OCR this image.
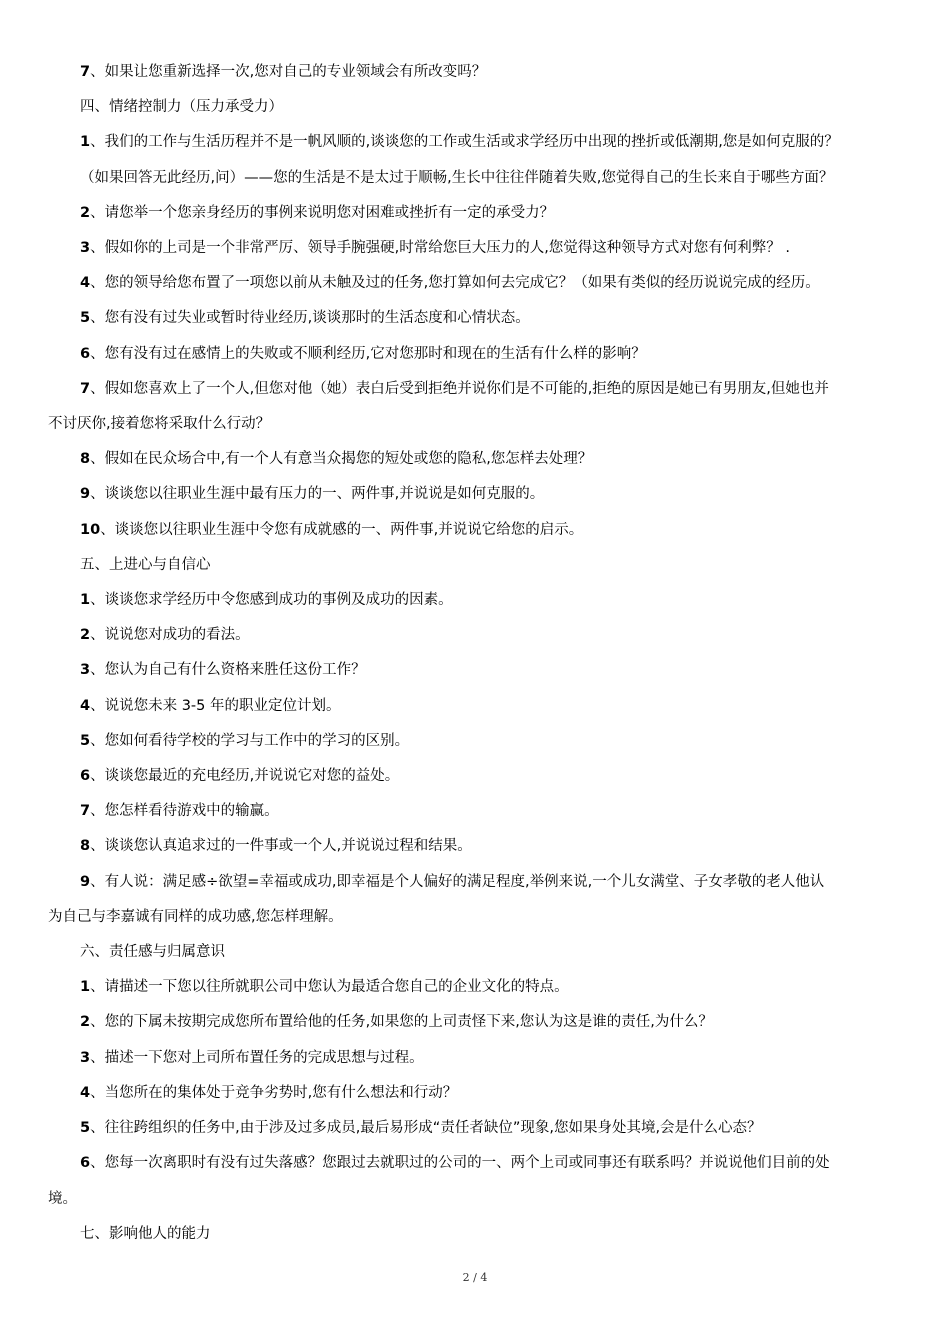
7、如果让您重新选择一次,您对自己的专业领域会有所改变吗？
四、情绪控制力（压力承受力）
1、我们的工作与生活历程并不是一帆风顺的,谈谈您的工作或生活或求学经历中出现的挫折或低潮期,您是如何克服的？
（如果回答无此经历,问）——您的生活是不是太过于顺畅,生长中往往伴随着失败,您觉得自己的生长来自于哪些方面？
2、请您举一个您亲身经历的事例来说明您对困难或挫折有一定的承受力？
3、假如你的上司是一个非常严厉、领导手腕强硬,时常给您巨大压力的人,您觉得这种领导方式对您有何利弊？ .
4、您的领导给您布置了一项您以前从未触及过的任务,您打算如何去完成它？（如果有类似的经历说说完成的经历。
5、您有没有过失业或暂时待业经历,谈谈那时的生活态度和心情状态。
6、您有没有过在感情上的失败或不顺利经历,它对您那时和现在的生活有什么样的影响？
7、假如您喜欢上了一个人,但您对他（她）表白后受到拒绝并说你们是不可能的,拒绝的原因是她已有男朋友,但她也并
不讨厌你,接着您将采取什么行动？
8、假如在民众场合中,有一个人有意当众揭您的短处或您的隐私,您怎样去处理？
9、谈谈您以往职业生涯中最有压力的一、两件事,并说说是如何克服的。
10、谈谈您以往职业生涯中令您有成就感的一、两件事,并说说它给您的启示。
五、上进心与自信心
1、谈谈您求学经历中令您感到成功的事例及成功的因素。
2、说说您对成功的看法。
3、您认为自己有什么资格来胜任这份工作？
4、说说您未来 3-5 年的职业定位计划。
5、您如何看待学校的学习与工作中的学习的区别。
6、谈谈您最近的充电经历,并说说它对您的益处。
7、您怎样看待游戏中的输赢。
8、谈谈您认真追求过的一件事或一个人,并说说过程和结果。
9、有人说：满足感÷欲望=幸福或成功,即幸福是个人偏好的满足程度,举例来说,一个儿女满堂、子女孝敬的老人他认
为自己与李嘉诚有同样的成功感,您怎样理解。
六、责任感与归属意识
1、请描述一下您以往所就职公司中您认为最适合您自己的企业文化的特点。
2、您的下属未按期完成您所布置给他的任务,如果您的上司责怪下来,您认为这是谁的责任,为什么？
3、描述一下您对上司所布置任务的完成思想与过程。
4、当您所在的集体处于竞争劣势时,您有什么想法和行动？
5、往往跨组织的任务中,由于涉及过多成员,最后易形成“责任者缺位”现象,您如果身处其境,会是什么心态？
6、您每一次离职时有没有过失落感？您跟过去就职过的公司的一、两个上司或同事还有联系吗？并说说他们目前的处
境。
七、影响他人的能力
2 / 4
